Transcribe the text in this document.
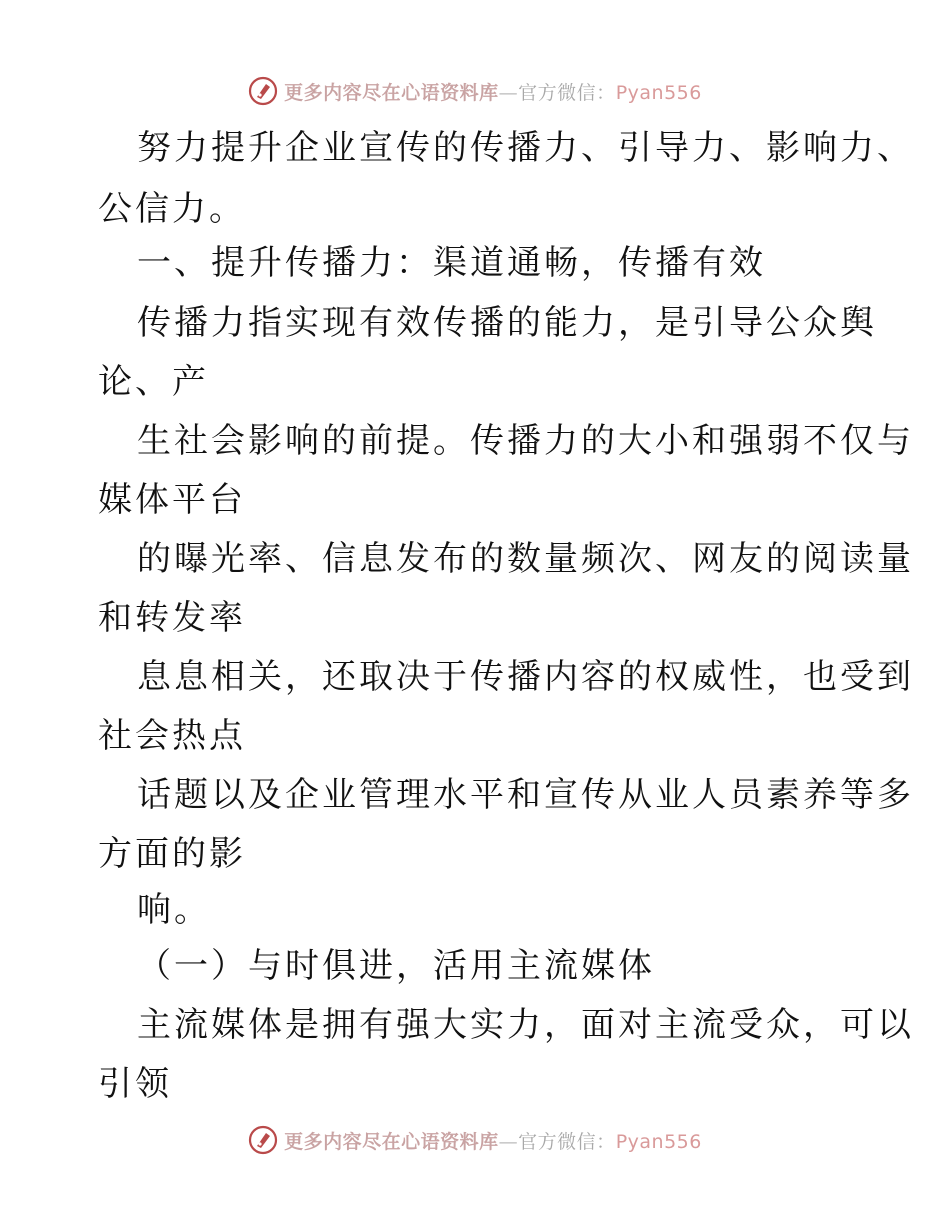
更多内容尽在心语资料库—官方微信：Pyan556
努力提升企业宣传的传播力、引导力、影响力、
公信力。
一、提升传播力：渠道通畅，传播有效
传播力指实现有效传播的能力，是引导公众舆
论、产
生社会影响的前提。传播力的大小和强弱不仅与
媒体平台
的曝光率、信息发布的数量频次、网友的阅读量
和转发率
息息相关，还取决于传播内容的权威性，也受到
社会热点
话题以及企业管理水平和宣传从业人员素养等多
方面的影
响。
（一）与时俱进，活用主流媒体
主流媒体是拥有强大实力，面对主流受众，可以
引领
更多内容尽在心语资料库—官方微信：Pyan556
